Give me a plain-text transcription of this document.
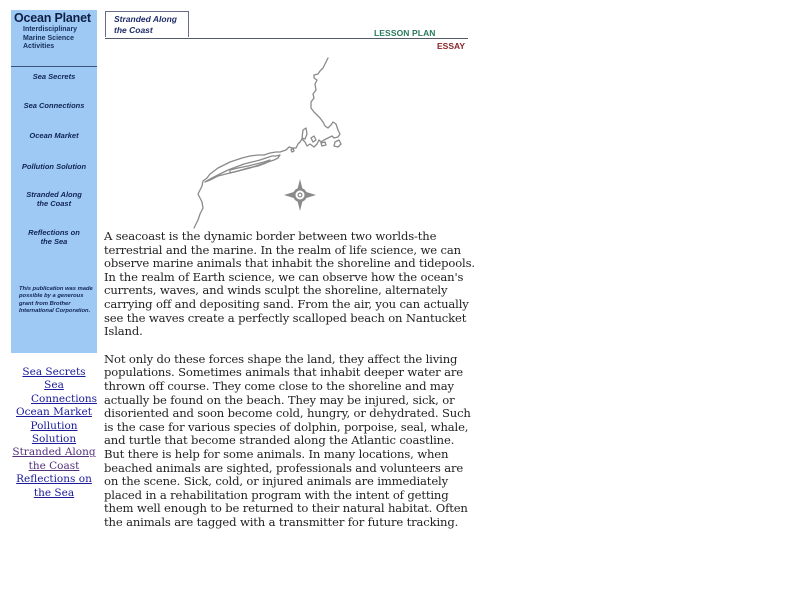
Ocean Planet
Interdisciplinary Marine Science Activities
Sea Secrets
Sea Connections
Ocean Market
Pollution Solution
Stranded Along the Coast
Reflections on the Sea
This publication was made possible by a generous grant from Brother International Corporation.
Sea Secrets
Sea Connections
Ocean Market
Pollution Solution
Stranded Along the Coast
Reflections on the Sea
Stranded Along the Coast	LESSON PLAN
ESSAY

A seacoast is the dynamic border between two worlds-the terrestrial and the marine. In the realm of life science, we can observe marine animals that inhabit the shoreline and tidepools. In the realm of Earth science, we can observe how the ocean's currents, waves, and winds sculpt the shoreline, alternately carrying off and depositing sand. From the air, you can actually see the waves create a perfectly scalloped beach on Nantucket Island.

Not only do these forces shape the land, they affect the living populations. Sometimes animals that inhabit deeper water are thrown off course. They come close to the shoreline and may actually be found on the beach. They may be injured, sick, or disoriented and soon become cold, hungry, or dehydrated. Such is the case for various species of dolphin, porpoise, seal, whale, and turtle that become stranded along the Atlantic coastline. But there is help for some animals. In many locations, when beached animals are sighted, professionals and volunteers are on the scene. Sick, cold, or injured animals are immediately placed in a rehabilitation program with the intent of getting them well enough to be returned to their natural habitat. Often the animals are tagged with a transmitter for future tracking.
